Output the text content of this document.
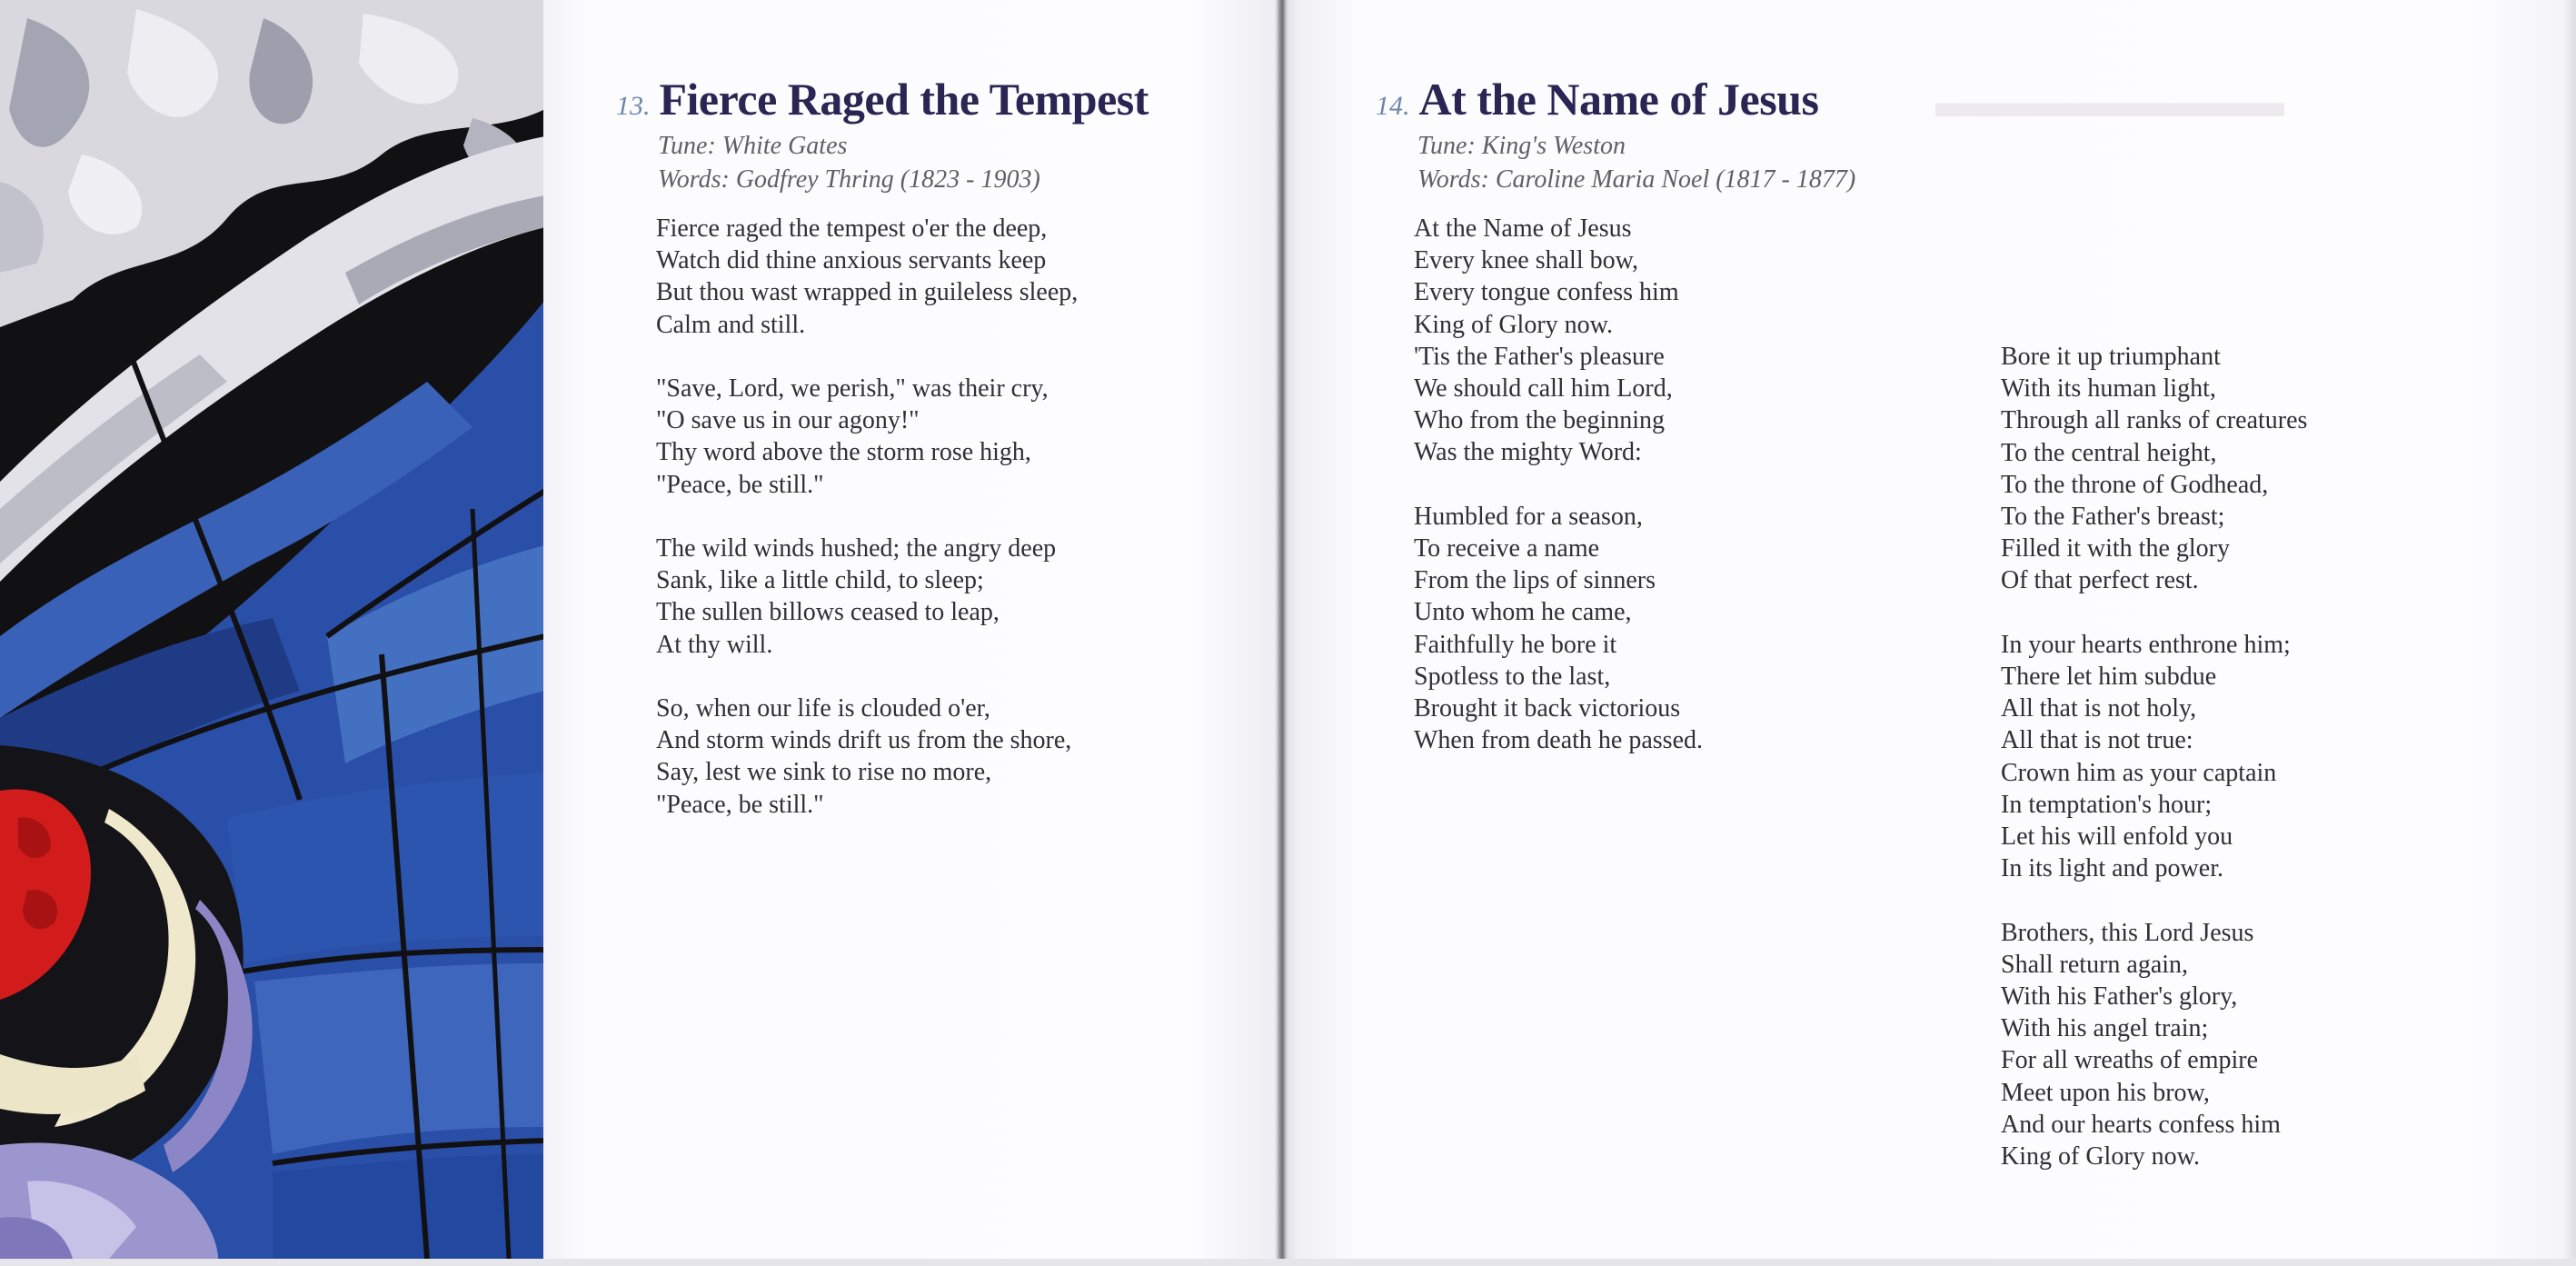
▬▬▬▬▬▬▬▬
13. Fierce Raged the Tempest
Tune: White Gates
Words: Godfrey Thring (1823 - 1903)
Fierce raged the tempest o'er the deep,
Watch did thine anxious servants keep
But thou wast wrapped in guileless sleep,
Calm and still.
"Save, Lord, we perish," was their cry,
"O save us in our agony!"
Thy word above the storm rose high,
"Peace, be still."
The wild winds hushed; the angry deep
Sank, like a little child, to sleep;
The sullen billows ceased to leap,
At thy will.
So, when our life is clouded o'er,
And storm winds drift us from the shore,
Say, lest we sink to rise no more,
"Peace, be still."
14. At the Name of Jesus
Tune: King's Weston
Words: Caroline Maria Noel (1817 - 1877)
At the Name of Jesus
Every knee shall bow,
Every tongue confess him
King of Glory now.
'Tis the Father's pleasure
We should call him Lord,
Who from the beginning
Was the mighty Word:
Humbled for a season,
To receive a name
From the lips of sinners
Unto whom he came,
Faithfully he bore it
Spotless to the last,
Brought it back victorious
When from death he passed.
Bore it up triumphant
With its human light,
Through all ranks of creatures
To the central height,
To the throne of Godhead,
To the Father's breast;
Filled it with the glory
Of that perfect rest.
In your hearts enthrone him;
There let him subdue
All that is not holy,
All that is not true:
Crown him as your captain
In temptation's hour;
Let his will enfold you
In its light and power.
Brothers, this Lord Jesus
Shall return again,
With his Father's glory,
With his angel train;
For all wreaths of empire
Meet upon his brow,
And our hearts confess him
King of Glory now.
